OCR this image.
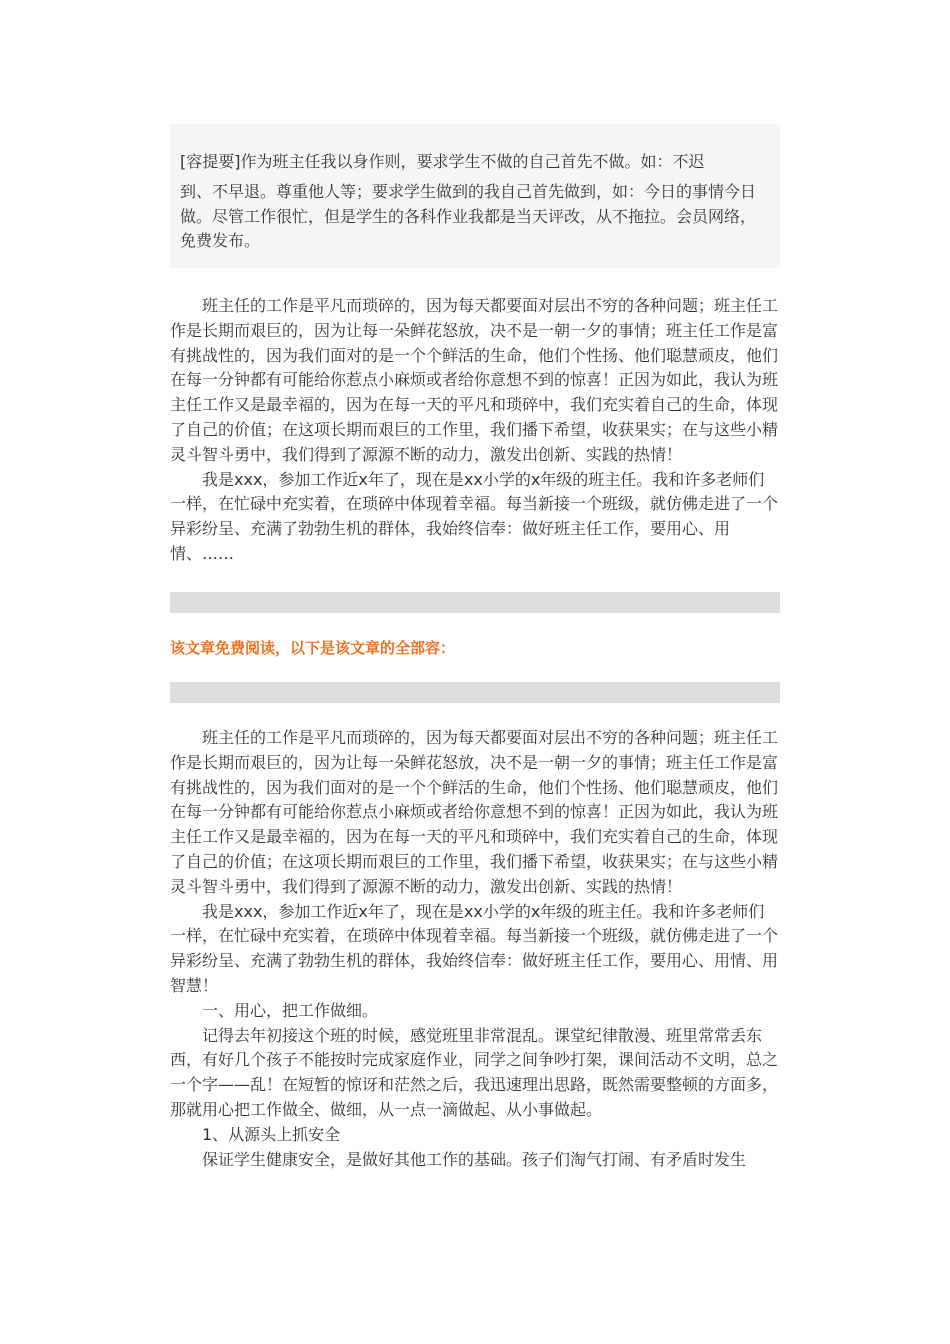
[容提要]作为班主任我以身作则，要求学生不做的自己首先不做。如：不迟

到、不早退。尊重他人等；要求学生做到的我自己首先做到，如：今日的事情今日做。尽管工作很忙，但是学生的各科作业我都是当天评改，从不拖拉。会员网络，免费发布。

班主任的工作是平凡而琐碎的，因为每天都要面对层出不穷的各种问题；班主任工作是长期而艰巨的，因为让每一朵鲜花怒放，决不是一朝一夕的事情；班主任工作是富有挑战性的，因为我们面对的是一个个鲜活的生命，他们个性扬、他们聪慧顽皮，他们在每一分钟都有可能给你惹点小麻烦或者给你意想不到的惊喜！正因为如此，我认为班主任工作又是最幸福的，因为在每一天的平凡和琐碎中，我们充实着自己的生命，体现了自己的价值；在这项长期而艰巨的工作里，我们播下希望，收获果实；在与这些小精灵斗智斗勇中，我们得到了源源不断的动力，激发出创新、实践的热情！

我是xxx，参加工作近x年了，现在是xx小学的x年级的班主任。我和许多老师们一样，在忙碌中充实着，在琐碎中体现着幸福。每当新接一个班级，就仿佛走进了一个异彩纷呈、充满了勃勃生机的群体，我始终信奉：做好班主任工作，要用心、用情、……

该文章免费阅读，以下是该文章的全部容：

班主任的工作是平凡而琐碎的，因为每天都要面对层出不穷的各种问题；班主任工作是长期而艰巨的，因为让每一朵鲜花怒放，决不是一朝一夕的事情；班主任工作是富有挑战性的，因为我们面对的是一个个鲜活的生命，他们个性扬、他们聪慧顽皮，他们在每一分钟都有可能给你惹点小麻烦或者给你意想不到的惊喜！正因为如此，我认为班主任工作又是最幸福的，因为在每一天的平凡和琐碎中，我们充实着自己的生命，体现了自己的价值；在这项长期而艰巨的工作里，我们播下希望，收获果实；在与这些小精灵斗智斗勇中，我们得到了源源不断的动力，激发出创新、实践的热情！

我是xxx，参加工作近x年了，现在是xx小学的x年级的班主任。我和许多老师们一样，在忙碌中充实着，在琐碎中体现着幸福。每当新接一个班级，就仿佛走进了一个异彩纷呈、充满了勃勃生机的群体，我始终信奉：做好班主任工作，要用心、用情、用智慧！

一、用心，把工作做细。

记得去年初接这个班的时候，感觉班里非常混乱。课堂纪律散漫、班里常常丢东西，有好几个孩子不能按时完成家庭作业，同学之间争吵打架，课间活动不文明，总之一个字——乱！在短暂的惊讶和茫然之后，我迅速理出思路，既然需要整顿的方面多，那就用心把工作做全、做细，从一点一滴做起、从小事做起。

1、从源头上抓安全

保证学生健康安全，是做好其他工作的基础。孩子们淘气打闹、有矛盾时发生
